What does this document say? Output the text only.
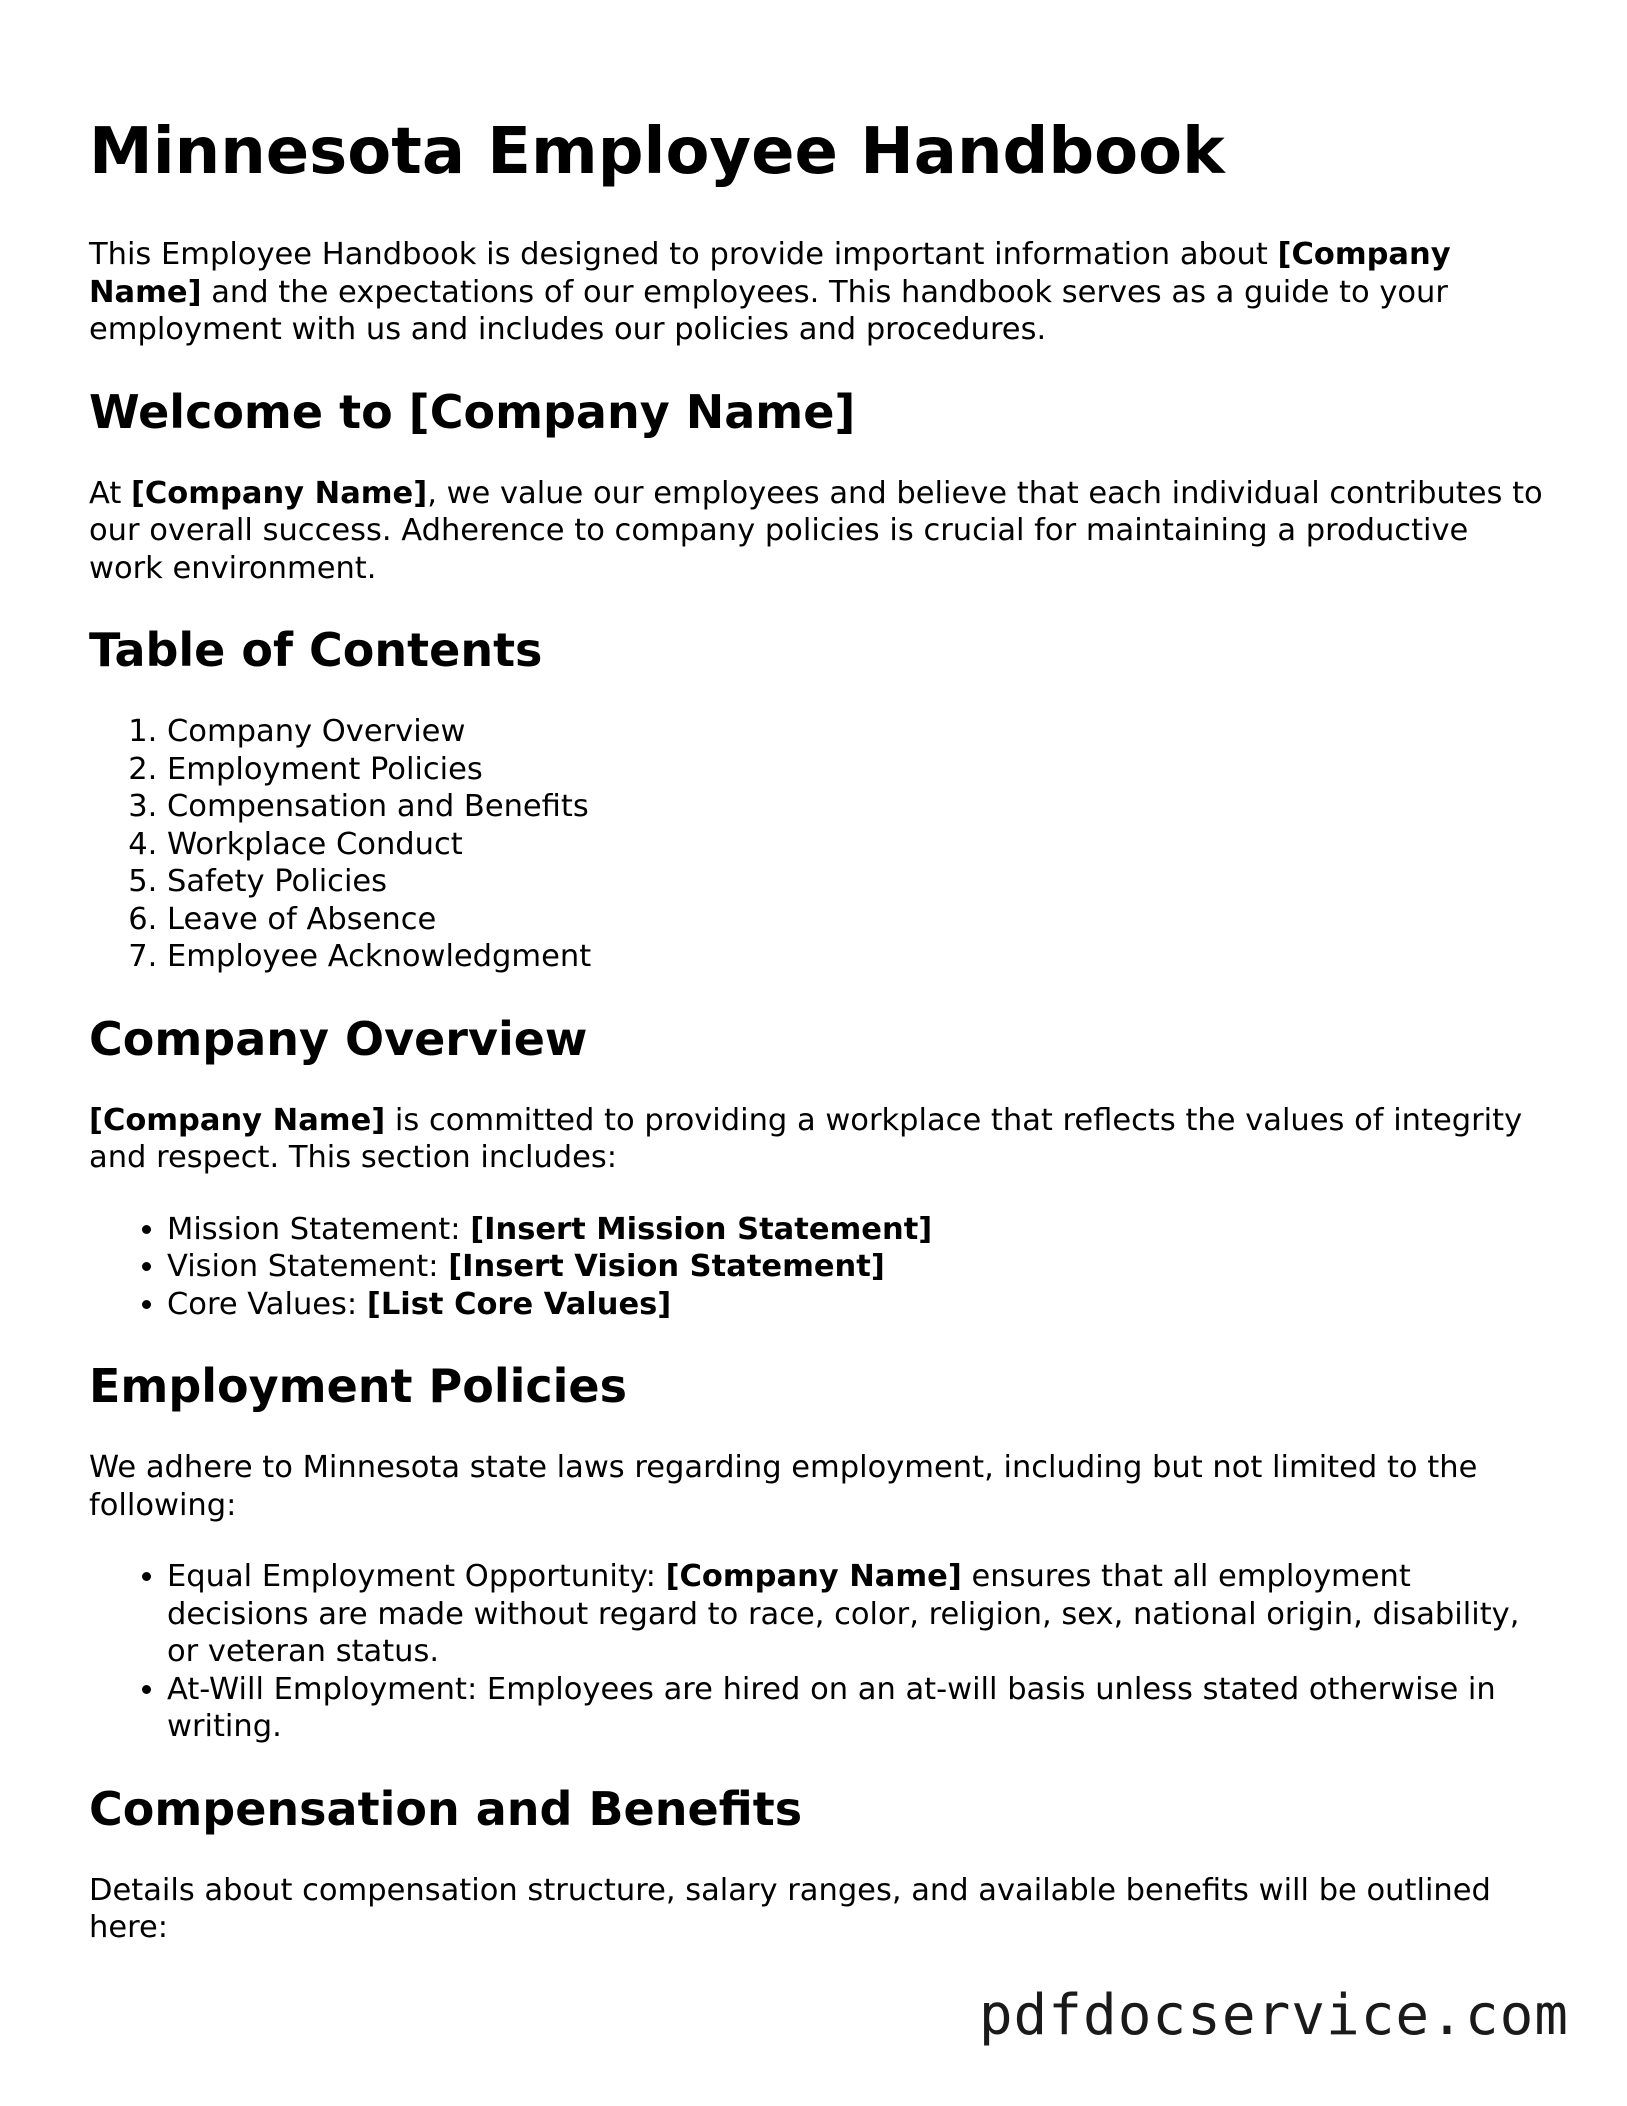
Minnesota Employee Handbook

This Employee Handbook is designed to provide important information about [Company Name] and the expectations of our employees. This handbook serves as a guide to your employment with us and includes our policies and procedures.

Welcome to [Company Name]

At [Company Name], we value our employees and believe that each individual contributes to our overall success. Adherence to company policies is crucial for maintaining a productive work environment.

Table of Contents
1. Company Overview
2. Employment Policies
3. Compensation and Benefits
4. Workplace Conduct
5. Safety Policies
6. Leave of Absence
7. Employee Acknowledgment
Company Overview

[Company Name] is committed to providing a workplace that reflects the values of integrity and respect. This section includes:

• Mission Statement: [Insert Mission Statement]
• Vision Statement: [Insert Vision Statement]
• Core Values: [List Core Values]
Employment Policies

We adhere to Minnesota state laws regarding employment, including but not limited to the following:

• Equal Employment Opportunity: [Company Name] ensures that all employment decisions are made without regard to race, color, religion, sex, national origin, disability, or veteran status.
• At-Will Employment: Employees are hired on an at-will basis unless stated otherwise in writing.
Compensation and Benefits

Details about compensation structure, salary ranges, and available benefits will be outlined here:

pdfdocservice.com
